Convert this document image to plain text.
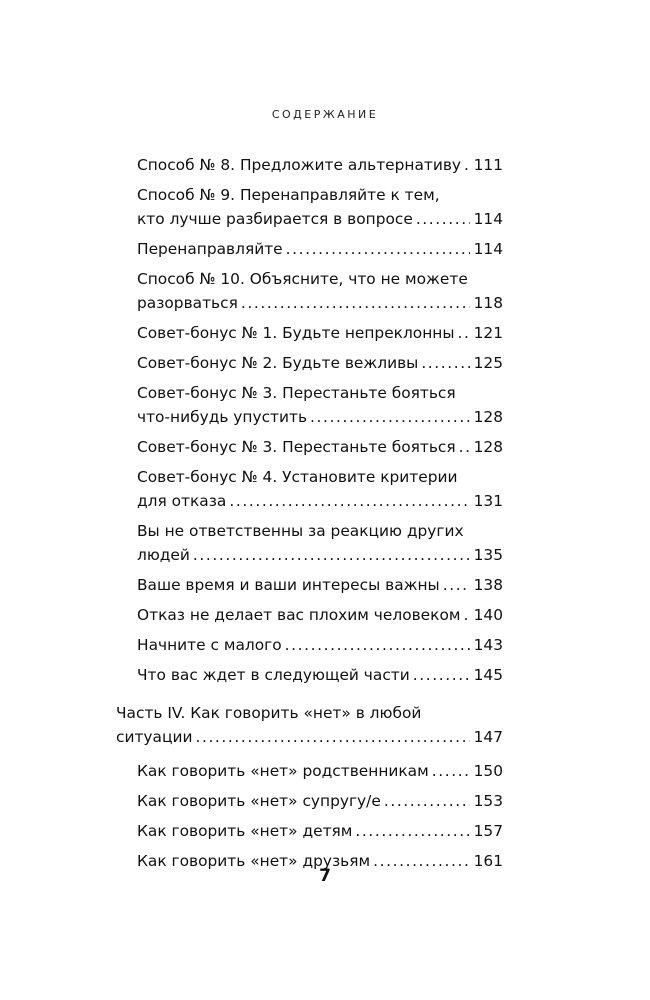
СОДЕРЖАНИЕ
Способ № 8. Предложите альтернативу ..... 111
Способ № 9. Перенаправляйте к тем,
кто лучше разбирается в вопросе .....	114
Перенаправляйте .....	114
Способ № 10. Объясните, что не можете
разорваться .....	118
Совет-бонус № 1. Будьте непреклонны ..... 121
Совет-бонус № 2. Будьте вежливы .....	125
Совет-бонус № 3. Перестаньте бояться
что-нибудь упустить .....	128
Совет-бонус № 3. Перестаньте бояться ..... 128
Совет-бонус № 4. Установите критерии
для отказа .....	131
Вы не ответственны за реакцию других
людей .....	135
Ваше время и ваши интересы важны ..... 138
Отказ не делает вас плохим человеком ..... 140
Начните с малого .....	143
Что вас ждет в следующей части .....	145
Часть IV. Как говорить «нет» в любой
ситуации .....	147
Как говорить «нет» родственникам .....	150
Как говорить «нет» супругу/е .....	153
Как говорить «нет» детям .....	157
Как говорить «нет» друзьям .....	161
7
